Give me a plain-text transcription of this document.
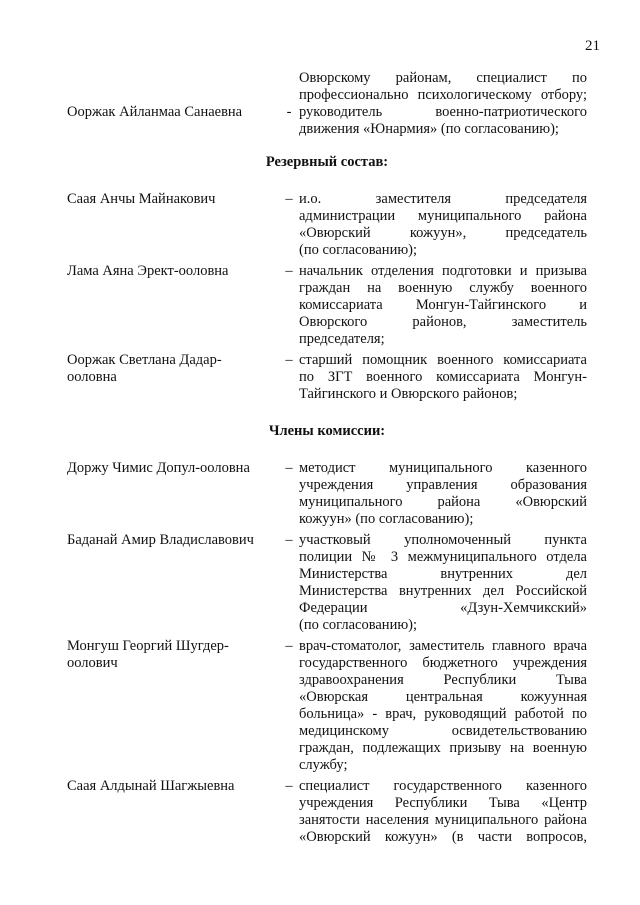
21
Ооржак Айланмаа Санаевна	-
Овюрскому районам, специалист по
профессионально психологическому отбору;
руководитель военно-патриотического
движения «Юнармия» (по согласованию);

Резервный состав:

Саая Анчы Майнакович	– и.о. заместителя председателя
администрации муниципального района
«Овюрский кожуун», председатель
(по согласованию);
Лама Аяна Эрект-ооловна	– начальник отделения подготовки и призыва
граждан на военную службу военного
комиссариата Монгун-Тайгинского и
Овюрского районов, заместитель
председателя;
Ооржак Светлана Дадар-
ооловна
– старший помощник военного комиссариата
по ЗГТ военного комиссариата Монгун-
Тайгинского и Овюрского районов;

Члены комиссии:

Доржу Чимис Допул-ооловна	– методист муниципального казенного
учреждения управления образования
муниципального района «Овюрский
кожуун» (по согласованию);
Баданай Амир Владиславович	– участковый уполномоченный пункта
полиции № 3 межмуниципального отдела
Министерства внутренних дел
Министерства внутренних дел Российской
Федерации «Дзун-Хемчикский»
(по согласованию);
Монгуш Георгий Шугдер-
оолович
– врач-стоматолог, заместитель главного врача
государственного бюджетного учреждения
здравоохранения Республики Тыва
«Овюрская центральная кожуунная
больница» - врач, руководящий работой по
медицинскому освидетельствованию
граждан, подлежащих призыву на военную
службу;
Саая Алдынай Шагжыевна	– специалист государственного казенного
учреждения Республики Тыва «Центр
занятости населения муниципального района
«Овюрский кожуун» (в части вопросов,
